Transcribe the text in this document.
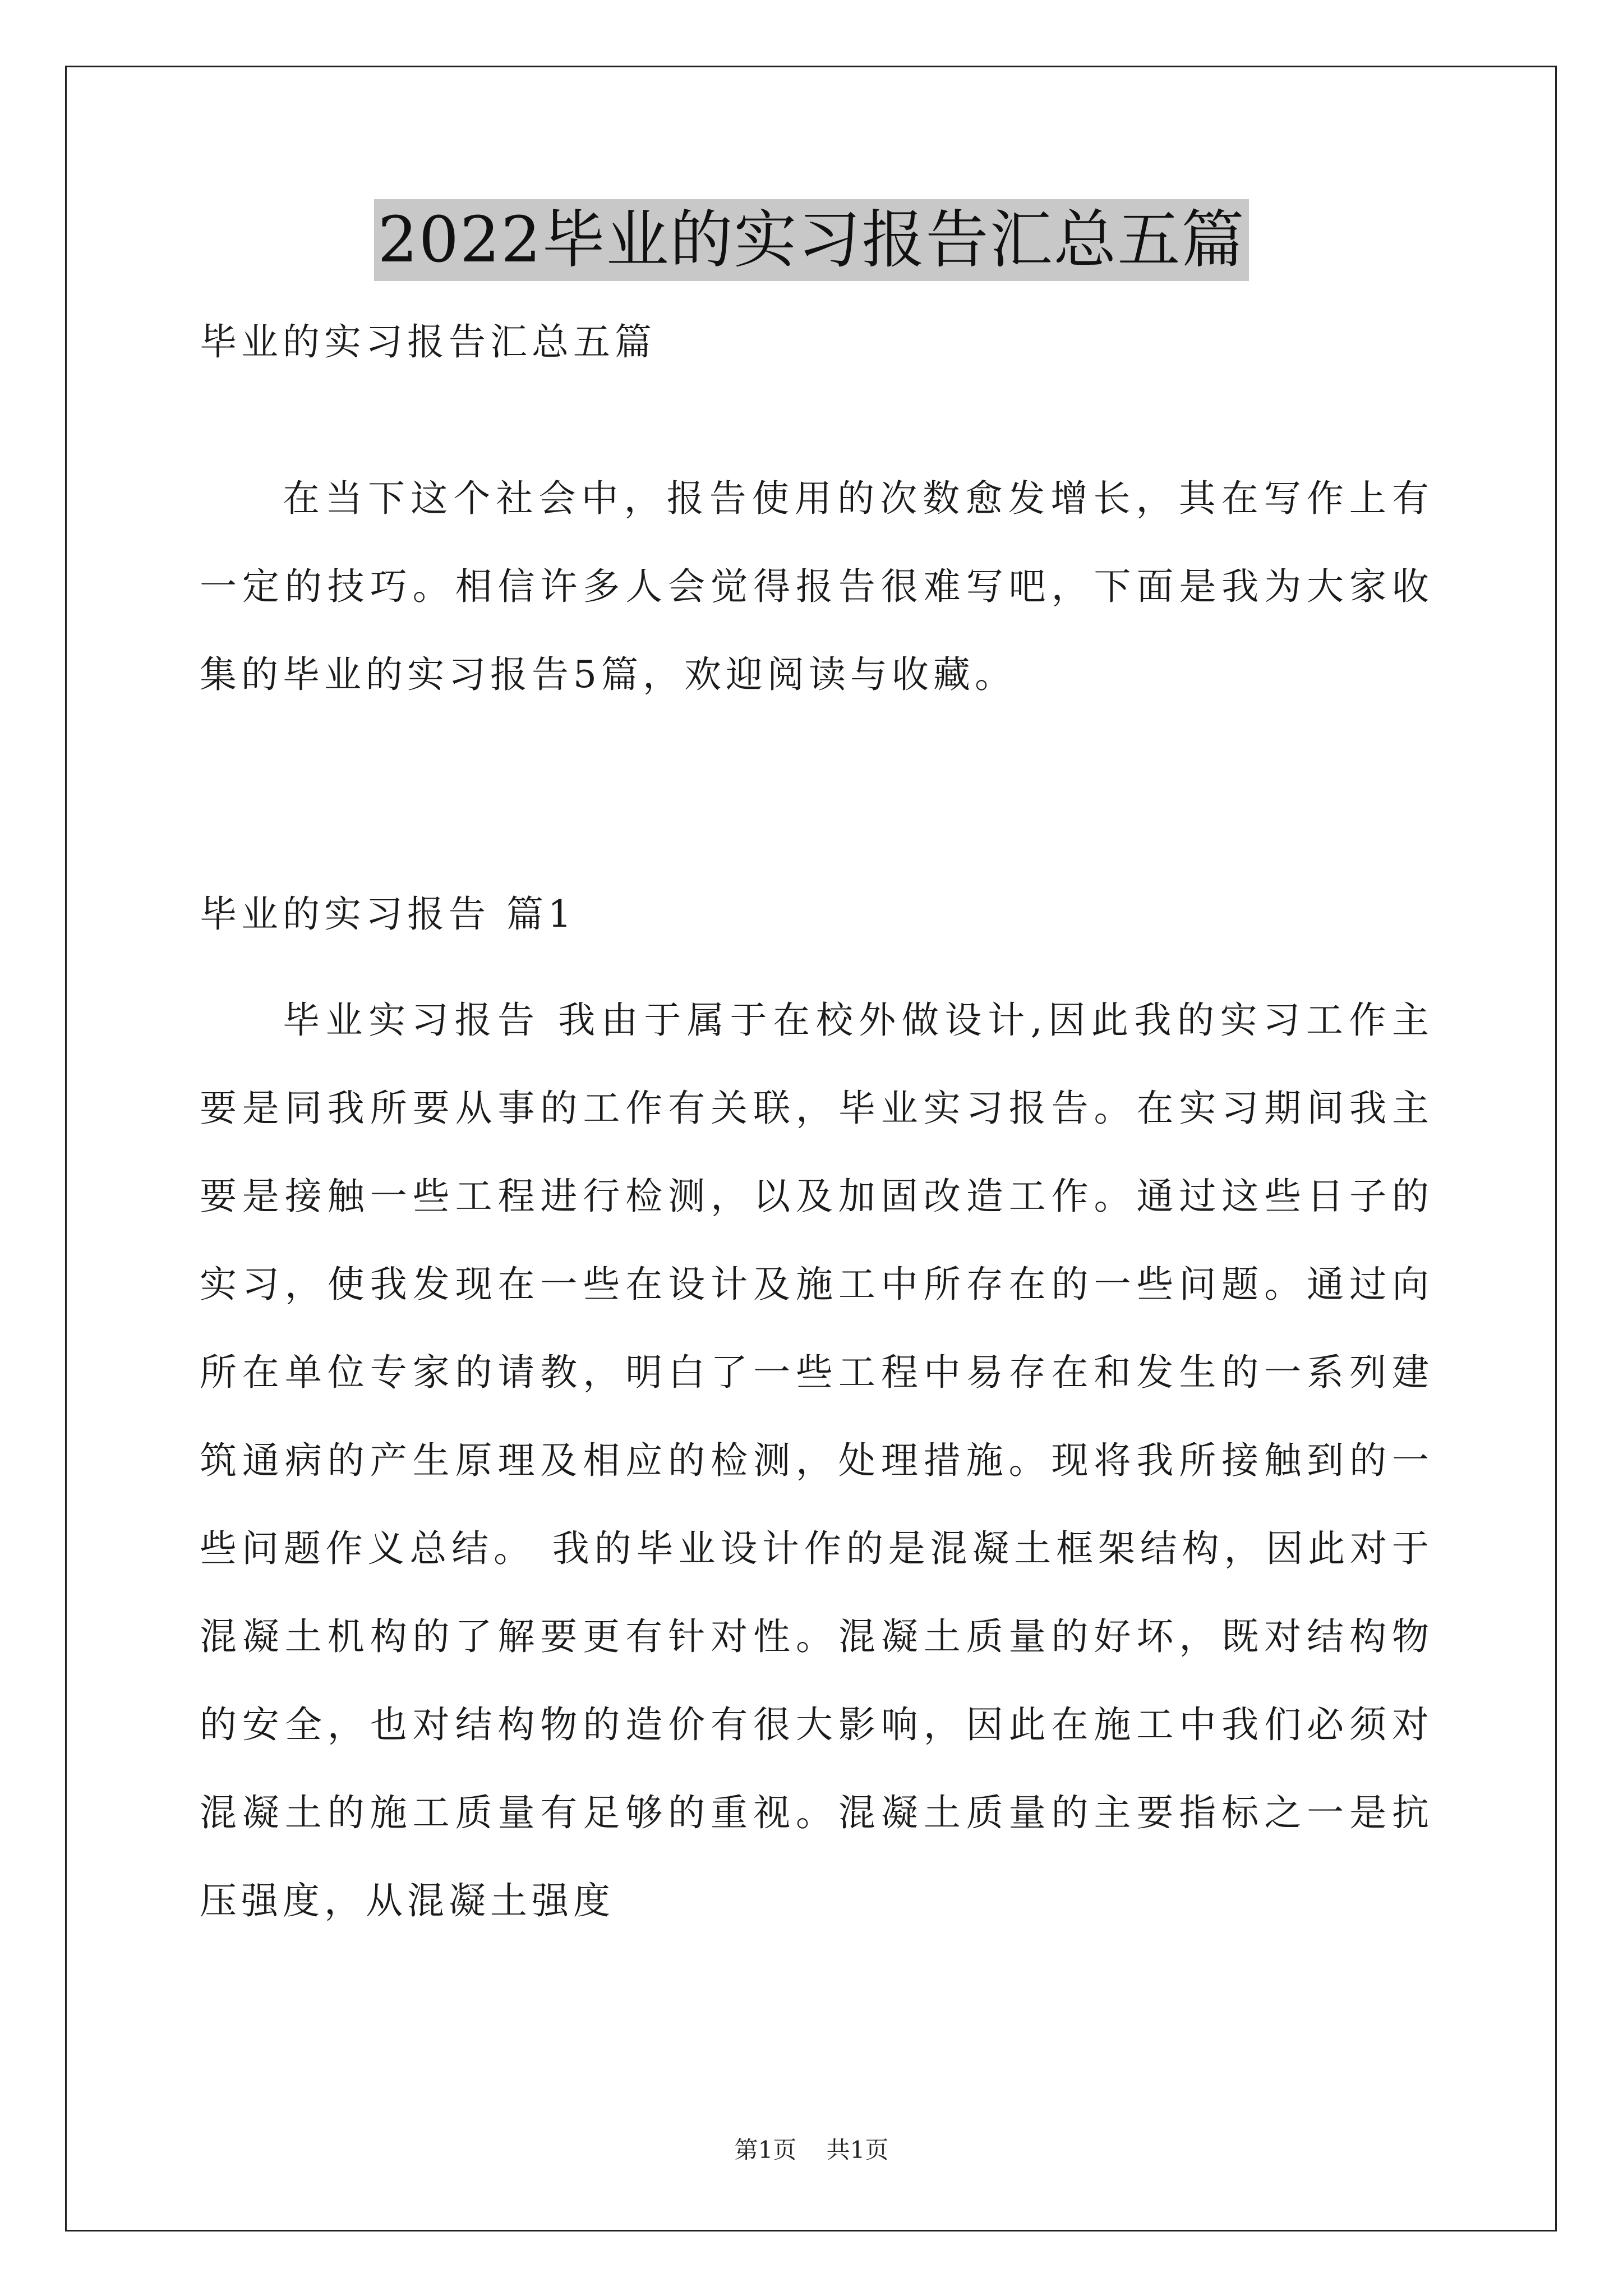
2022毕业的实习报告汇总五篇
毕业的实习报告汇总五篇
在当下这个社会中，报告使用的次数愈发增长，其在写作上有一定的技巧。相信许多人会觉得报告很难写吧，下面是我为大家收集的毕业的实习报告5篇，欢迎阅读与收藏。
毕业的实习报告 篇1
毕业实习报告 我由于属于在校外做设计,因此我的实习工作主要是同我所要从事的工作有关联，毕业实习报告。在实习期间我主要是接触一些工程进行检测，以及加固改造工作。通过这些日子的实习，使我发现在一些在设计及施工中所存在的一些问题。通过向所在单位专家的请教，明白了一些工程中易存在和发生的一系列建筑通病的产生原理及相应的检测，处理措施。现将我所接触到的一些问题作义总结。 我的毕业设计作的是混凝土框架结构，因此对于混凝土机构的了解要更有针对性。混凝土质量的好坏，既对结构物的安全，也对结构物的造价有很大影响，因此在施工中我们必须对混凝土的施工质量有足够的重视。混凝土质量的主要指标之一是抗压强度，从混凝土强度
第1页 共1页
